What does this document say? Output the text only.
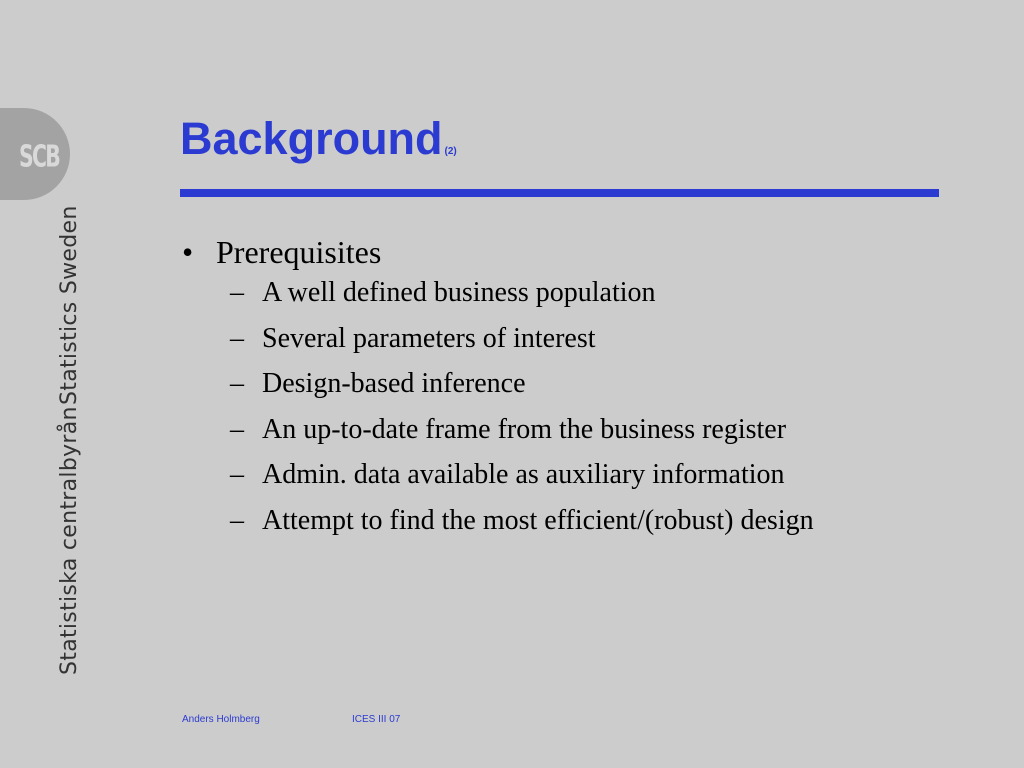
SCB
Statistics Sweden
Statistiska centralbyrån
Background (2)
• Prerequisites
– A well defined business population
– Several parameters of interest
– Design-based inference
– An up-to-date frame from the business register
– Admin. data available as auxiliary information
– Attempt to find the most efficient/(robust) design
Anders Holmberg	ICES III 07
